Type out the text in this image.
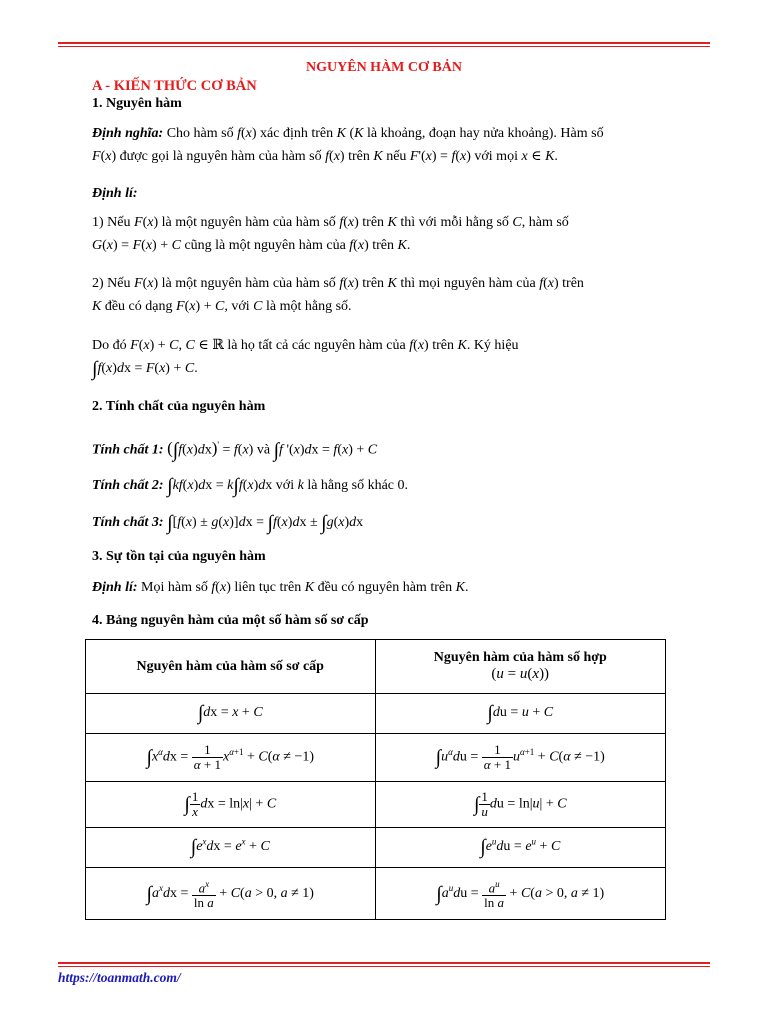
NGUYÊN HÀM CƠ BẢN
A - KIẾN THỨC CƠ BẢN
1. Nguyên hàm
Định nghĩa: Cho hàm số f(x) xác định trên K (K là khoảng, đoạn hay nửa khoảng). Hàm số
F(x) được gọi là nguyên hàm của hàm số f(x) trên K nếu F'(x) = f(x) với mọi x ∈ K.
Định lí:
1) Nếu F(x) là một nguyên hàm của hàm số f(x) trên K thì với mỗi hằng số C, hàm số
G(x) = F(x) + C cũng là một nguyên hàm của f(x) trên K.
2) Nếu F(x) là một nguyên hàm của hàm số f(x) trên K thì mọi nguyên hàm của f(x) trên
K đều có dạng F(x) + C, với C là một hằng số.
Do đó F(x) + C, C ∈ ℝ là họ tất cả các nguyên hàm của f(x) trên K. Ký hiệu
∫f(x)dx = F(x) + C.
2. Tính chất của nguyên hàm
Tính chất 1: (∫f(x)dx)' = f(x) và ∫f '(x)dx = f(x) + C
Tính chất 2: ∫kf(x)dx = k∫f(x)dx với k là hằng số khác 0.
Tính chất 3: ∫[f(x) ± g(x)]dx = ∫f(x)dx ± ∫g(x)dx
3. Sự tồn tại của nguyên hàm
Định lí: Mọi hàm số f(x) liên tục trên K đều có nguyên hàm trên K.
4. Bảng nguyên hàm của một số hàm số sơ cấp
Nguyên hàm của hàm số sơ cấp	Nguyên hàm của hàm số hợp
(u = u(x))

∫dx = x + C	∫du = u + C
$\int x^\alpha dx = \frac{1}{\alpha + 1} x^{\alpha+1} + C(\alpha \ne -1)$	$\int u^\alpha du = \frac{1}{\alpha + 1} u^{\alpha+1} + C(\alpha \ne -1)$
∫ $\frac{1}{x}$ dx = ln|x| + C	∫ $\frac{1}{u}$ du = ln|u| + C
$\int e^xdx = e^x + C$	$\int e^udu = e^u + C$
$\int a^xdx = \frac{a^x}{\text{ln a}} + C(a > 0$, a ≠ 1)	$\int a^udu = \frac{a^u}{\text{ln a}} + C(a > 0$, a ≠ 1)
https://toanmath.com/
